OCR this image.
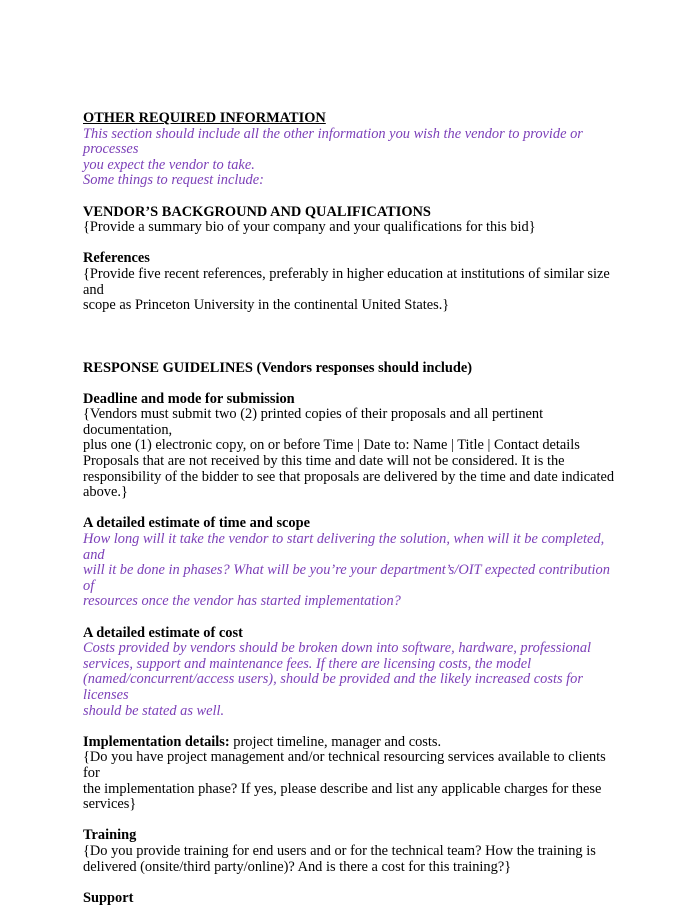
OTHER REQUIRED INFORMATION

This section should include all the other information you wish the vendor to provide or processes

you expect the vendor to take.

Some things to request include:

VENDOR’S BACKGROUND AND QUALIFICATIONS

{Provide a summary bio of your company and your qualifications for this bid}

References

{Provide five recent references, preferably in higher education at institutions of similar size and

scope as Princeton University in the continental United States.}

RESPONSE GUIDELINES (Vendors responses should include)

Deadline and mode for submission

{Vendors must submit two (2) printed copies of their proposals and all pertinent documentation,

plus one (1) electronic copy, on or before Time | Date to: Name | Title | Contact details

Proposals that are not received by this time and date will not be considered. It is the

responsibility of the bidder to see that proposals are delivered by the time and date indicated

above.}

A detailed estimate of time and scope

How long will it take the vendor to start delivering the solution, when will it be completed, and

will it be done in phases? What will be you’re your department’s/OIT expected contribution of

resources once the vendor has started implementation?

A detailed estimate of cost

Costs provided by vendors should be broken down into software, hardware, professional

services, support and maintenance fees. If there are licensing costs, the model

(named/concurrent/access users), should be provided and the likely increased costs for licenses

should be stated as well.

Implementation details: project timeline, manager and costs.

{Do you have project management and/or technical resourcing services available to clients for

the implementation phase? If yes, please describe and list any applicable charges for these

services}

Training

{Do you provide training for end users and or for the technical team? How the training is

delivered (onsite/third party/online)? And is there a cost for this training?}

Support
